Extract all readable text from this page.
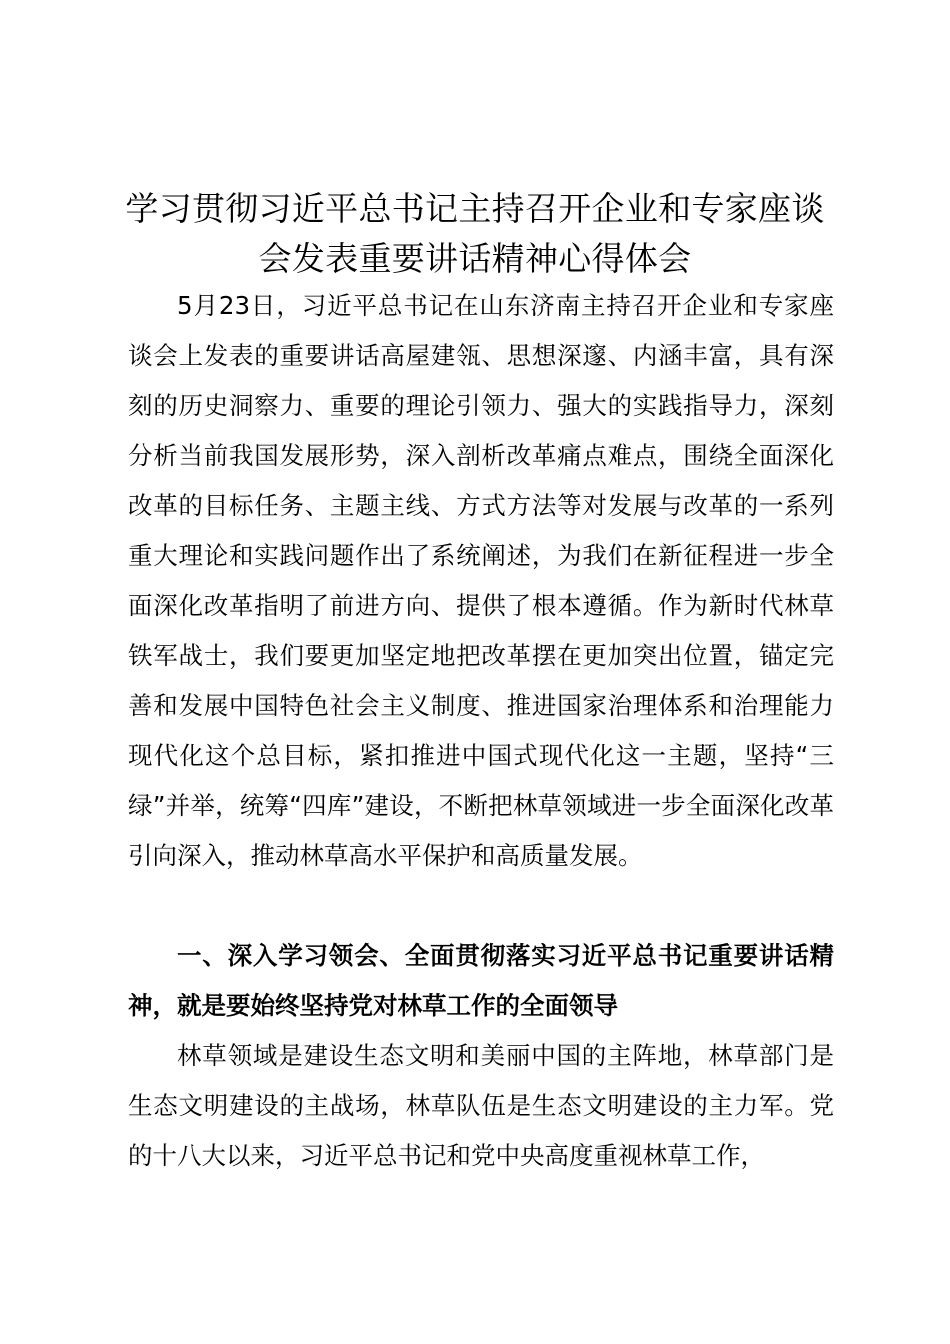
学习贯彻习近平总书记主持召开企业和专家座谈会发表重要讲话精神心得体会

5月23日，习近平总书记在山东济南主持召开企业和专家座谈会上发表的重要讲话高屋建瓴、思想深邃、内涵丰富，具有深刻的历史洞察力、重要的理论引领力、强大的实践指导力，深刻分析当前我国发展形势，深入剖析改革痛点难点，围绕全面深化改革的目标任务、主题主线、方式方法等对发展与改革的一系列重大理论和实践问题作出了系统阐述，为我们在新征程进一步全面深化改革指明了前进方向、提供了根本遵循。作为新时代林草铁军战士，我们要更加坚定地把改革摆在更加突出位置，锚定完善和发展中国特色社会主义制度、推进国家治理体系和治理能力现代化这个总目标，紧扣推进中国式现代化这一主题，坚持“三绿”并举，统筹“四库”建设，不断把林草领域进一步全面深化改革引向深入，推动林草高水平保护和高质量发展。

一、深入学习领会、全面贯彻落实习近平总书记重要讲话精神，就是要始终坚持党对林草工作的全面领导

林草领域是建设生态文明和美丽中国的主阵地，林草部门是生态文明建设的主战场，林草队伍是生态文明建设的主力军。党的十八大以来，习近平总书记和党中央高度重视林草工作，
